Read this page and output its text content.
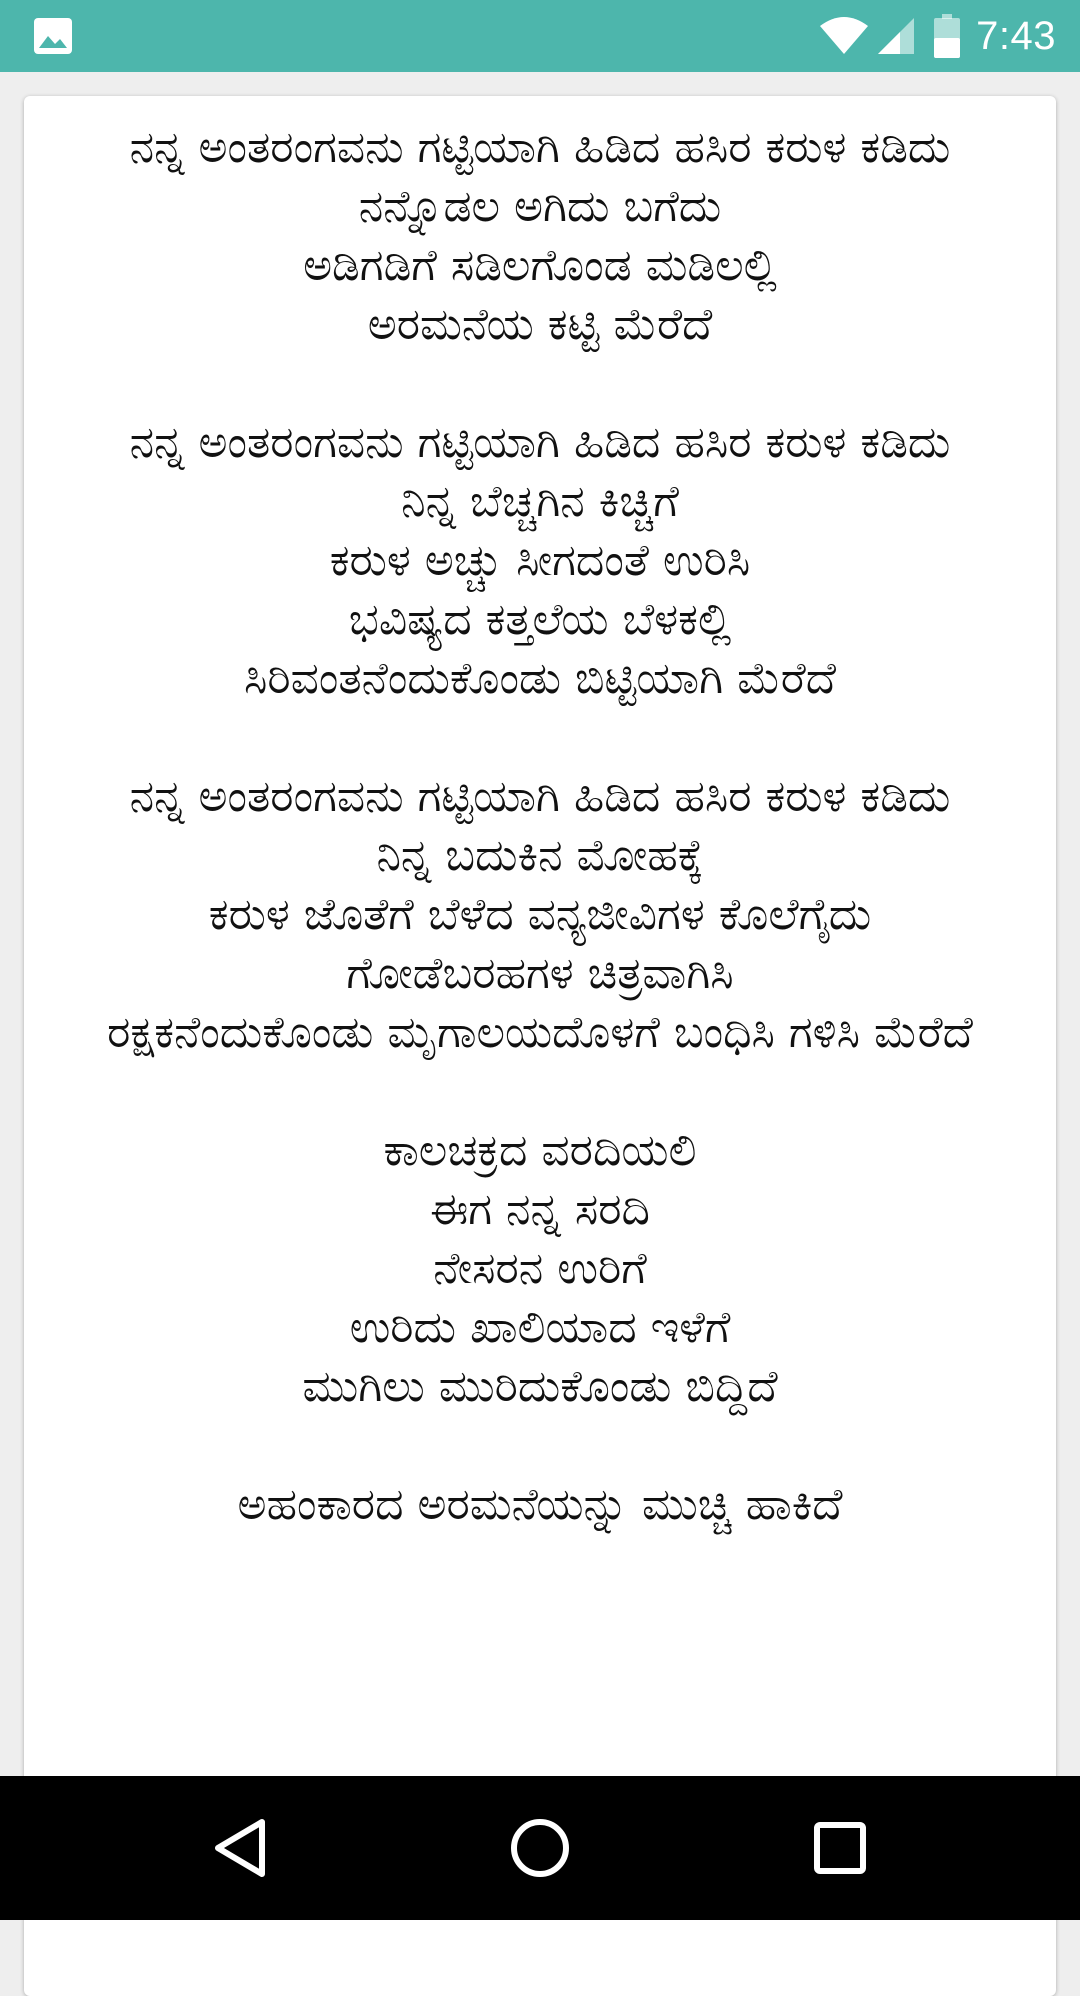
7:43
ನನ್ನ ಅಂತರಂಗವನು ಗಟ್ಟಿಯಾಗಿ ಹಿಡಿದ ಹಸಿರ ಕರುಳ ಕಡಿದು
ನನ್ನೊಡಲ ಅಗಿದು ಬಗೆದು
ಅಡಿಗಡಿಗೆ ಸಡಿಲಗೊಂಡ ಮಡಿಲಲ್ಲಿ
ಅರಮನೆಯ ಕಟ್ಟಿ ಮೆರೆದೆ
ನನ್ನ ಅಂತರಂಗವನು ಗಟ್ಟಿಯಾಗಿ ಹಿಡಿದ ಹಸಿರ ಕರುಳ ಕಡಿದು
ನಿನ್ನ ಬೆಚ್ಚಗಿನ ಕಿಚ್ಚಿಗೆ
ಕರುಳ ಅಚ್ಚು ಸೀಗದಂತೆ ಉರಿಸಿ
ಭವಿಷ್ಯದ ಕತ್ತಲೆಯ ಬೆಳಕಲ್ಲಿ
ಸಿರಿವಂತನೆಂದುಕೊಂಡು ಬಿಟ್ಟಿಯಾಗಿ ಮೆರೆದೆ
ನನ್ನ ಅಂತರಂಗವನು ಗಟ್ಟಿಯಾಗಿ ಹಿಡಿದ ಹಸಿರ ಕರುಳ ಕಡಿದು
ನಿನ್ನ ಬದುಕಿನ ಮೋಹಕ್ಕೆ
ಕರುಳ ಜೊತೆಗೆ ಬೆಳೆದ ವನ್ಯಜೀವಿಗಳ ಕೊಲೆಗೈದು
ಗೋಡೆಬರಹಗಳ ಚಿತ್ರವಾಗಿಸಿ
ರಕ್ಷಕನೆಂದುಕೊಂಡು ಮೃಗಾಲಯದೊಳಗೆ ಬಂಧಿಸಿ ಗಳಿಸಿ ಮೆರೆದೆ
ಕಾಲಚಕ್ರದ ವರದಿಯಲಿ
ಈಗ ನನ್ನ ಸರದಿ
ನೇಸರನ ಉರಿಗೆ
ಉರಿದು ಖಾಲಿಯಾದ ಇಳೆಗೆ
ಮುಗಿಲು ಮುರಿದುಕೊಂಡು ಬಿದ್ದಿದೆ
ಅಹಂಕಾರದ ಅರಮನೆಯನ್ನು ಮುಚ್ಚಿ ಹಾಕಿದೆ
